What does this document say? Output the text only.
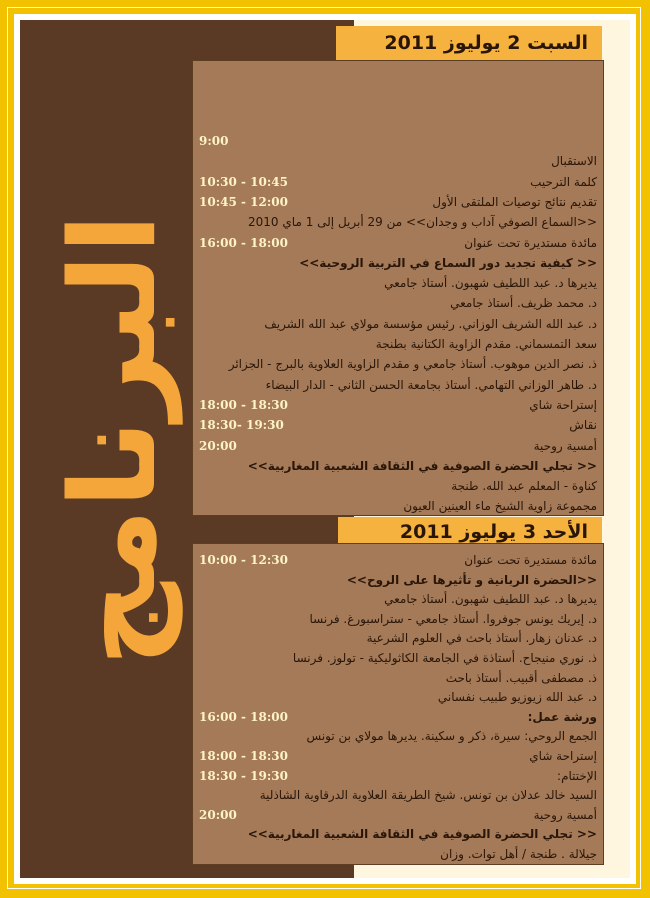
البرنامج
السبت 2 يوليوز 2011
9:00
الاستقبال
كلمة الترحيب
10:30 - 10:45
تقديم نتائج توصيات الملتقى الأول
10:45 - 12:00
<<السماع الصوفي آداب و وجدان>> من 29 أبريل إلى 1 ماي 2010
مائدة مستديرة تحت عنوان
16:00 - 18:00
<< كيفية تجديد دور السماع في التربية الروحية>>
يديرها د. عبد اللطيف شهبون. أستاذ جامعي
د. محمد ظريف. أستاذ جامعي
د. عبد الله الشريف الوزاني. رئيس مؤسسة مولاي عبد الله الشريف
سعد التمسماني. مقدم الزاوية الكتانية بطنجة
ذ. نصر الدين موهوب. أستاذ جامعي و مقدم الزاوية العلاوية بالبرج - الجزائر
د. طاهر الوزاني التهامي. أستاذ بجامعة الحسن الثاني - الدار البيضاء
إستراحة شاي
18:00 - 18:30
نقاش
18:30- 19:30
أمسية روحية
20:00
<< تجلي الحضرة الصوفية في الثقافة الشعبية المغاربية>>
كناوة - المعلم عبد الله. طنجة
مجموعة زاوية الشيخ ماء العينين العيون
الأحد 3 يوليوز 2011
مائدة مستديرة تحت عنوان
10:00 - 12:30
<<الحضرة الربانية و تأثيرها على الروح>>
يديرها د. عبد اللطيف شهبون. أستاذ جامعي
د. إيريك يونس جوفروا. أستاذ جامعي - ستراسبورغ. فرنسا
د. عدنان زهار. أستاذ باحث في العلوم الشرعية
ذ. نوري منيجاح. أستاذة في الجامعة الكاثوليكية - تولوز. فرنسا
ذ. مصطفى أقبيب. أستاذ باحث
د. عبد الله زيوزيو طبيب نفساني
ورشة عمل:
16:00 - 18:00
الجمع الروحي: سيرة، ذكر و سكينة. يديرها مولاي بن تونس
إستراحة شاي
18:00 - 18:30
الإختتام:
18:30 - 19:30
السيد خالد عدلان بن تونس. شيخ الطريقة العلاوية الدرقاوية الشاذلية
أمسية روحية
20:00
<< تجلي الحضرة الصوفية في الثقافة الشعبية المغاربية>>
جيلالة . طنجة / أهل توات. وزان
